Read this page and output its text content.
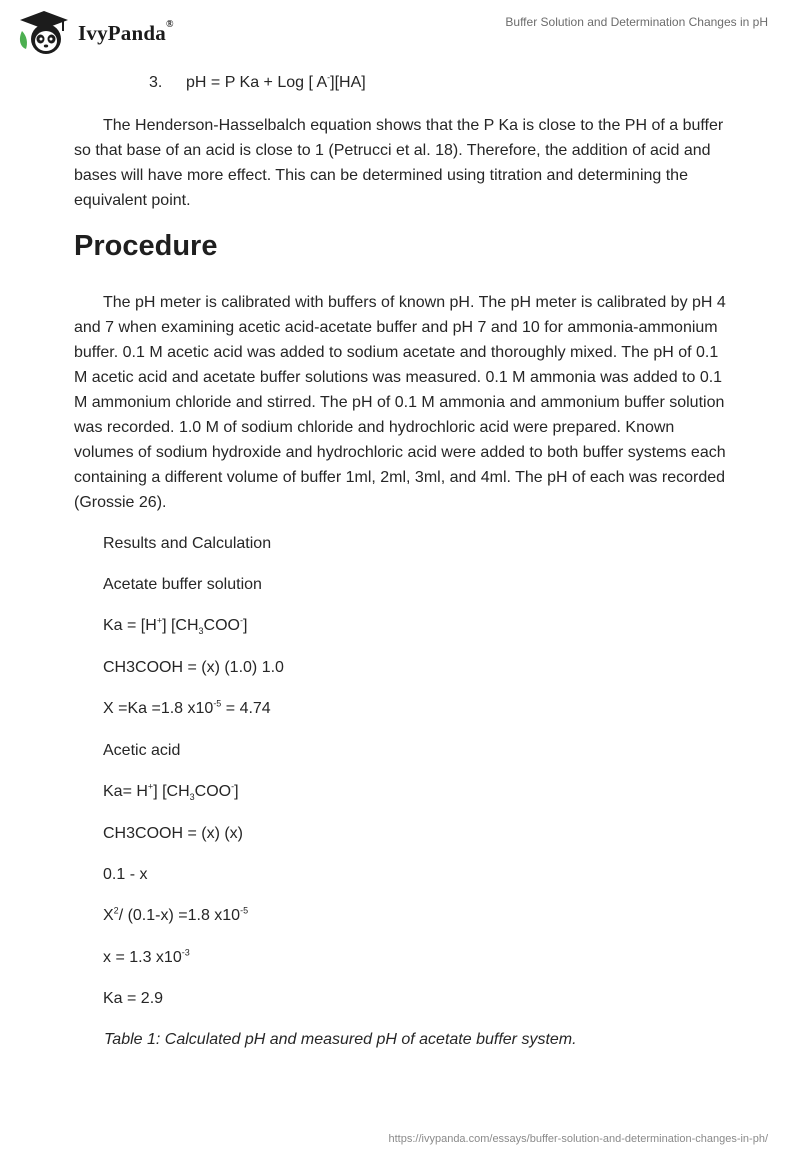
IvyPanda®	Buffer Solution and Determination Changes in pH
3. pH = P Ka + Log [ A-][HA]

The Henderson-Hasselbalch equation shows that the P Ka is close to the PH of a buffer so that base of an acid is close to 1 (Petrucci et al. 18). Therefore, the addition of acid and bases will have more effect. This can be determined using titration and determining the equivalent point.

Procedure

The pH meter is calibrated with buffers of known pH. The pH meter is calibrated by pH 4 and 7 when examining acetic acid-acetate buffer and pH 7 and 10 for ammonia-ammonium buffer. 0.1 M acetic acid was added to sodium acetate and thoroughly mixed. The pH of 0.1 M acetic acid and acetate buffer solutions was measured. 0.1 M ammonia was added to 0.1 M ammonium chloride and stirred. The pH of 0.1 M ammonia and ammonium buffer solution was recorded. 1.0 M of sodium chloride and hydrochloric acid were prepared. Known volumes of sodium hydroxide and hydrochloric acid were added to both buffer systems each containing a different volume of buffer 1ml, 2ml, 3ml, and 4ml. The pH of each was recorded (Grossie 26).

Results and Calculation

Acetate buffer solution

Ka = [H+] $[CH_3COO^-]$

CH3COOH = (x) (1.0) 1.0

X =Ka =1.8 $x10^{-5} = 4.74$

Acetic acid

Ka= H+] $[CH_3COO^-]$

CH3COOH = (x) (x)

0.1 - x

$X^2/$ (0.1-x) =1.8 $x10^{-5}$

x = 1.3 $x10^{-3}$

Ka = 2.9

Table 1: Calculated pH and measured pH of acetate buffer system.
https://ivypanda.com/essays/buffer-solution-and-determination-changes-in-ph/
